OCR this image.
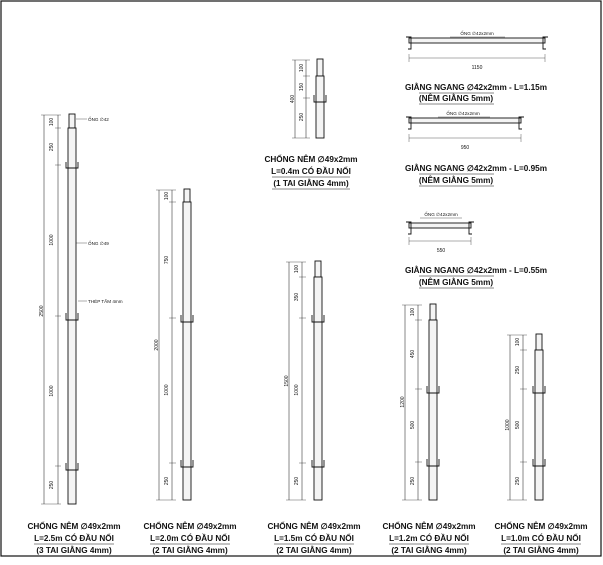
2500
100
250
1000
1000
250
ỐNG ∅42
ỐNG ∅49
THÉP TẤM 4mm
CHỐNG NÊM ∅49x2mm
L=2.5m CÓ ĐẦU NỐI
(3 TAI GIẰNG 4mm)
2000
100
750
1000
250
CHỐNG NÊM ∅49x2mm
L=2.0m CÓ ĐẦU NỐI
(2 TAI GIẰNG 4mm)
400
100
150
250
CHỐNG NÊM ∅49x2mm
L=0.4m CÓ ĐẦU NỐI
(1 TAI GIẰNG 4mm)
1500
100
350
1000
250
CHỐNG NÊM ∅49x2mm
L=1.5m CÓ ĐẦU NỐI
(2 TAI GIẰNG 4mm)
1200
100
450
500
250
CHỐNG NÊM ∅49x2mm
L=1.2m CÓ ĐẦU NỐI
(2 TAI GIẰNG 4mm)
1000
100
250
500
250
CHỐNG NÊM ∅49x2mm
L=1.0m CÓ ĐẦU NỐI
(2 TAI GIẰNG 4mm)
ỐNG ∅42x2mm
1150
GIẰNG NGANG ∅42x2mm - L=1.15m
(NÊM GIẰNG 5mm)
ỐNG ∅42x2mm
950
GIẰNG NGANG ∅42x2mm - L=0.95m
(NÊM GIẰNG 5mm)
ỐNG ∅42x2mm
550
GIẰNG NGANG ∅42x2mm - L=0.55m
(NÊM GIẰNG 5mm)
